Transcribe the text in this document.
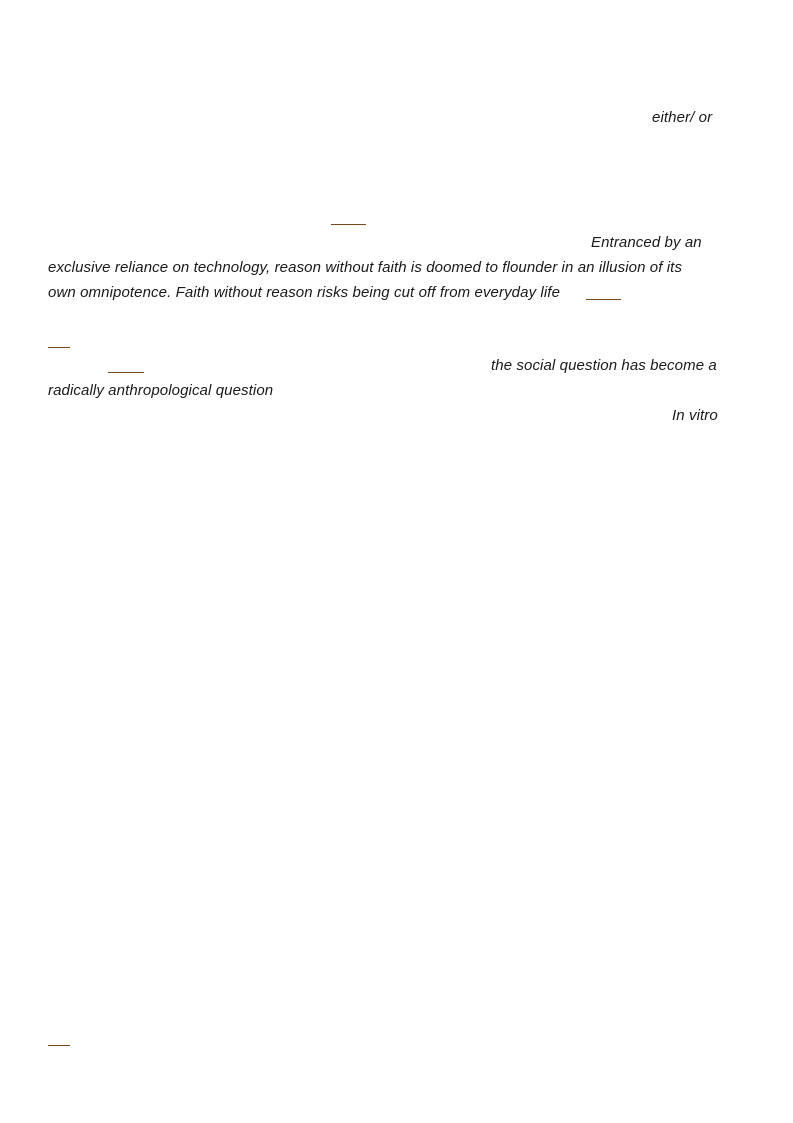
either/ or
Entranced by an
exclusive reliance on technology, reason without faith is doomed to flounder in an illusion of its
own omnipotence. Faith without reason risks being cut off from everyday life
the social question has become a
radically anthropological question
In vitro
